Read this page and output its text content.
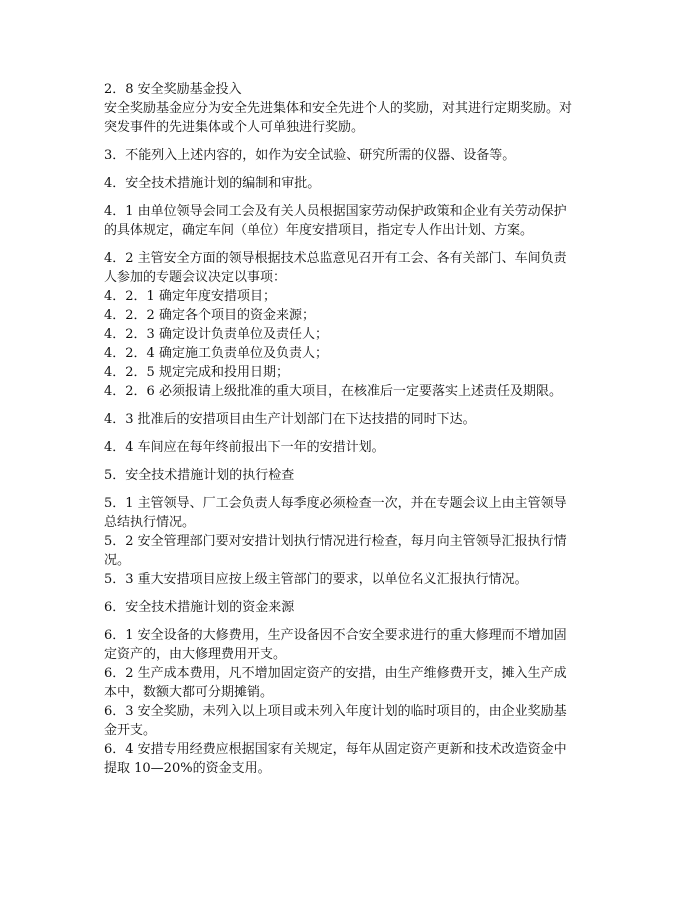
2．8 安全奖励基金投入
安全奖励基金应分为安全先进集体和安全先进个人的奖励，对其进行定期奖励。对
突发事件的先进集体或个人可单独进行奖励。
3．不能列入上述内容的，如作为安全试验、研究所需的仪器、设备等。
4．安全技术措施计划的编制和审批。
4．1 由单位领导会同工会及有关人员根据国家劳动保护政策和企业有关劳动保护
的具体规定，确定车间（单位）年度安措项目，指定专人作出计划、方案。
4．2 主管安全方面的领导根据技术总监意见召开有工会、各有关部门、车间负责
人参加的专题会议决定以事项：
4．2．1 确定年度安措项目；
4．2．2 确定各个项目的资金来源；
4．2．3 确定设计负责单位及责任人；
4．2．4 确定施工负责单位及负责人；
4．2．5 规定完成和投用日期；
4．2．6 必须报请上级批准的重大项目，在核准后一定要落实上述责任及期限。
4．3 批准后的安措项目由生产计划部门在下达技措的同时下达。
4．4 车间应在每年终前报出下一年的安措计划。
5．安全技术措施计划的执行检查
5．1 主管领导、厂工会负责人每季度必须检查一次，并在专题会议上由主管领导
总结执行情况。
5．2 安全管理部门要对安措计划执行情况进行检查，每月向主管领导汇报执行情
况。
5．3 重大安措项目应按上级主管部门的要求，以单位名义汇报执行情况。
6．安全技术措施计划的资金来源
6．1 安全设备的大修费用，生产设备因不合安全要求进行的重大修理而不增加固
定资产的，由大修理费用开支。
6．2 生产成本费用，凡不增加固定资产的安措，由生产维修费开支，摊入生产成
本中，数额大都可分期摊销。
6．3 安全奖励，未列入以上项目或未列入年度计划的临时项目的，由企业奖励基
金开支。
6．4 安措专用经费应根据国家有关规定，每年从固定资产更新和技术改造资金中
提取 10—20%的资金支用。
